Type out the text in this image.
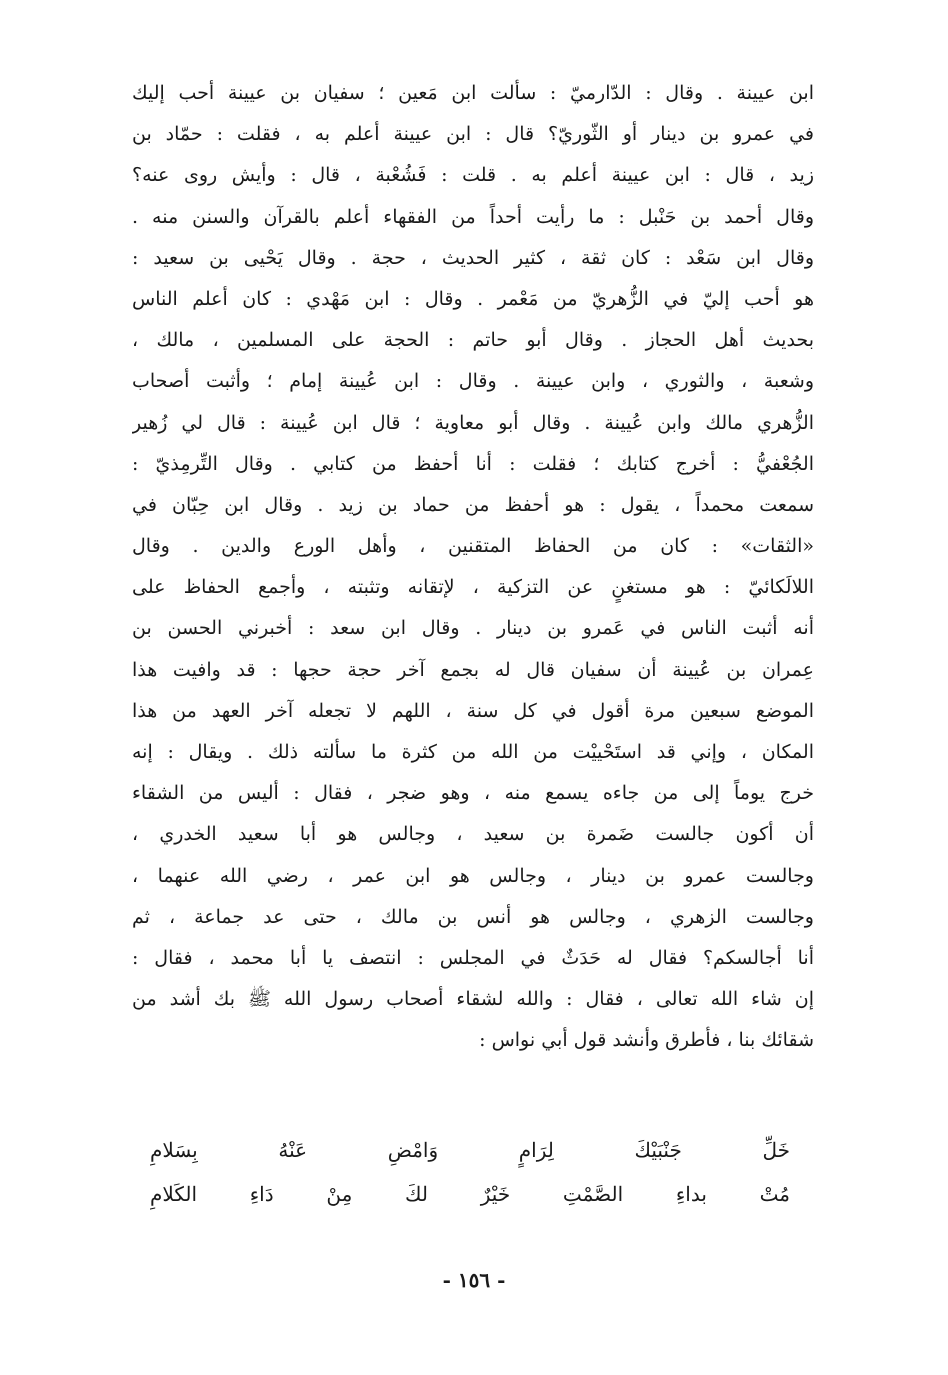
ابن عيينة . وقال : الدّارميّ : سألت ابن مَعين ؛ سفيان بن عيينة أحب إليك
في عمرو بن دينار أو الثّوريّ؟ قال : ابن عيينة أعلم به ، فقلت : حمّاد بن
زيد ، قال : ابن عيينة أعلم به . قلت : فَشُعْبة ، قال : وأيش روى عنه؟
وقال أحمد بن حَنْبل : ما رأيت أحداً من الفقهاء أعلم بالقرآن والسنن منه .
وقال ابن سَعْد : كان ثقة ، كثير الحديث ، حجة . وقال يَحْيى بن سعيد :
هو أحب إليّ في الزُّهريّ من مَعْمر . وقال : ابن مَهْدي : كان أعلم الناس
بحديث أهل الحجاز . وقال أبو حاتم : الحجة على المسلمين ، مالك ،
وشعبة ، والثوري ، وابن عيينة . وقال : ابن عُيينة إمام ؛ وأثبت أصحاب
الزُّهري مالك وابن عُيينة . وقال أبو معاوية ؛ قال ابن عُيينة : قال لي زُهير
الجُعْفيُّ : أخرج كتابك ؛ فقلت : أنا أحفظ من كتابي . وقال التِّرمِذيّ :
سمعت محمداً ، يقول : هو أحفظ من حماد بن زيد . وقال ابن حِبّان في
«الثقات» : كان من الحفاظ المتقنين ، وأهل الورع والدين . وقال
اللالَكائيّ : هو مستغنٍ عن التزكية ، لإتقانه وتثبته ، وأجمع الحفاظ على
أنه أثبت الناس في عَمرو بن دينار . وقال ابن سعد : أخبرني الحسن بن
عِمران بن عُيينة أن سفيان قال له بجمع آخر حجة حجها : قد وافيت هذا
الموضع سبعين مرة أقول في كل سنة ، اللهم لا تجعله آخر العهد من هذا
المكان ، وإني قد استَحْييْت من الله من كثرة ما سألته ذلك . ويقال : إنه
خرج يوماً إلى من جاءه يسمع منه ، وهو ضجر ، فقال : أليس من الشقاء
أن أكون جالست ضَمرة بن سعيد ، وجالس هو أبا سعيد الخدري ،
وجالست عمرو بن دينار ، وجالس هو ابن عمر ، رضي الله عنهما ،
وجالست الزهري ، وجالس هو أنس بن مالك ، حتى عد جماعة ، ثم
أنا أجالسكم؟ فقال له حَدَثٌ في المجلس : انتصف يا أبا محمد ، فقال :
إن شاء الله تعالى ، فقال : والله لشقاء أصحاب رسول الله ﷺ بك أشد من
شقائك بنا ، فأطرق وأنشد قول أبي نواس :
خَلِّ جَنْبَيْكَ لِرَامٍ وَامْضِ عَنْهُ بِسَلامِ
مُتْ بداءِ الصَّمْتِ خَيْرٌ لكَ مِنْ دَاءِ الكَلامِ
- ١٥٦ -
